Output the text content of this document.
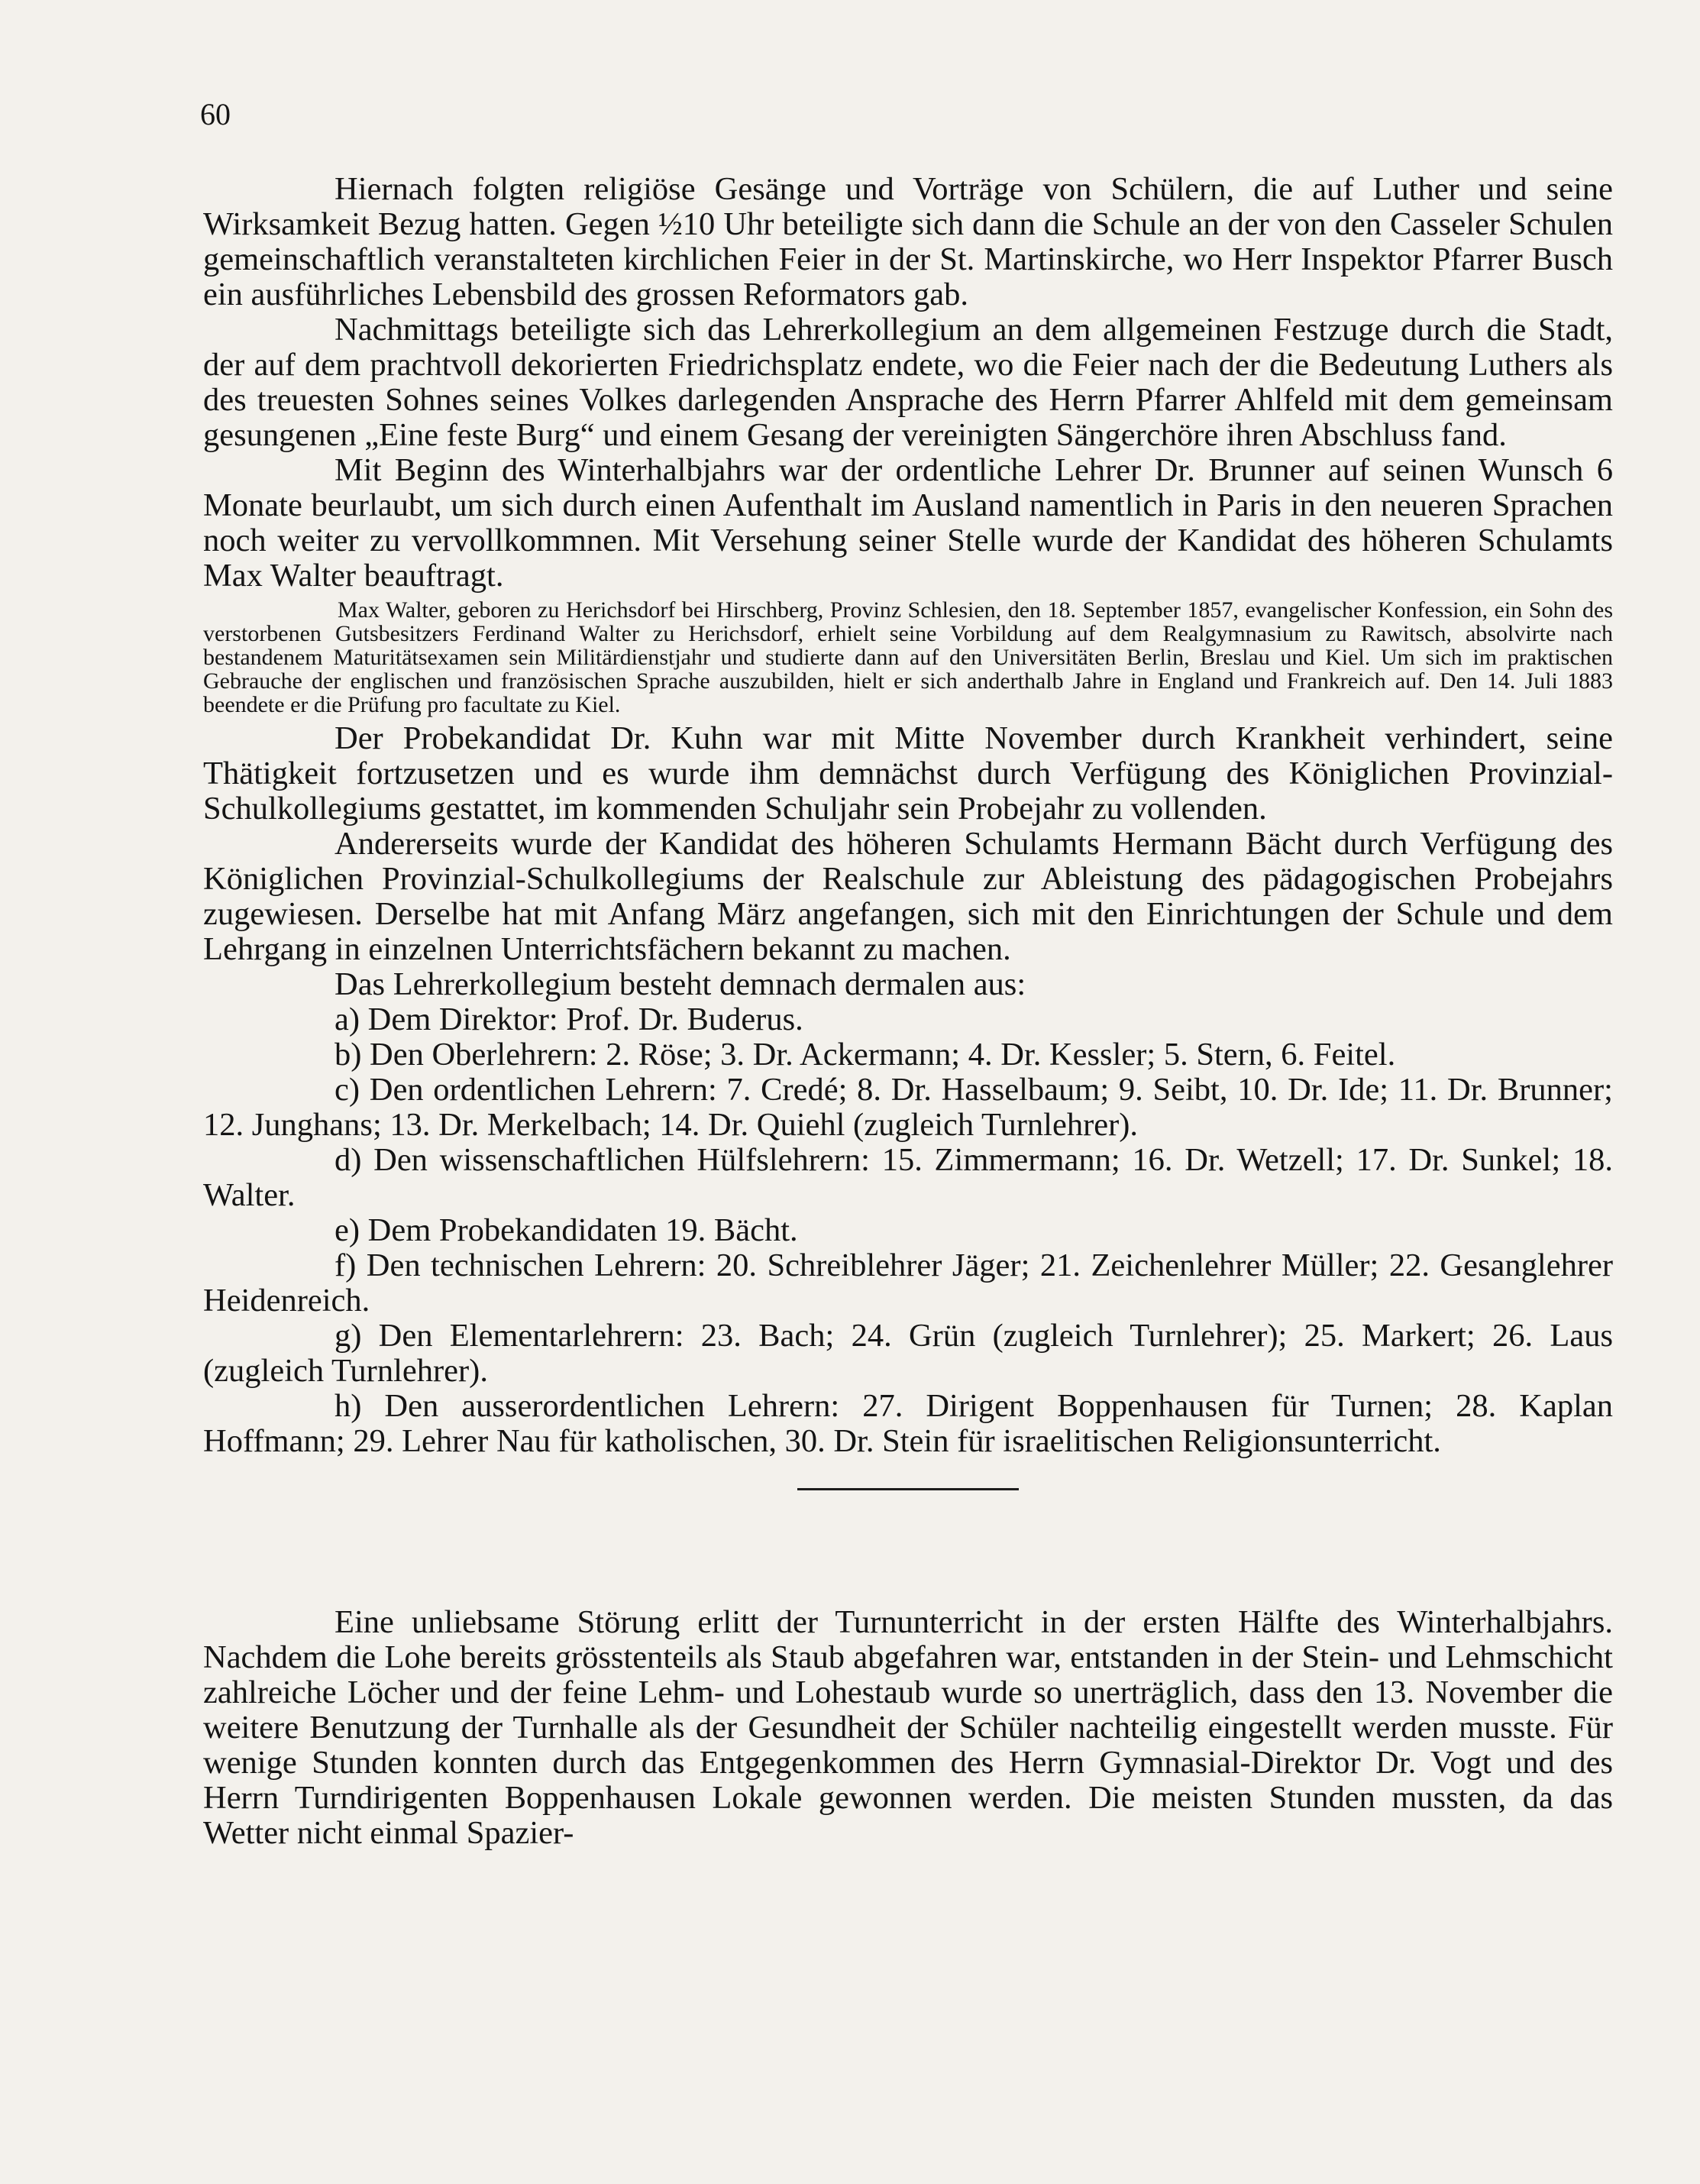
60

Hiernach folgten religiöse Gesänge und Vorträge von Schülern, die auf Luther und seine Wirksamkeit Bezug hatten. Gegen ½10 Uhr beteiligte sich dann die Schule an der von den Casseler Schulen gemeinschaftlich veranstalteten kirchlichen Feier in der St. Martinskirche, wo Herr Inspektor Pfarrer Busch ein ausführliches Lebensbild des grossen Reformators gab.

Nachmittags beteiligte sich das Lehrerkollegium an dem allgemeinen Festzuge durch die Stadt, der auf dem prachtvoll dekorierten Friedrichsplatz endete, wo die Feier nach der die Bedeutung Luthers als des treuesten Sohnes seines Volkes darlegenden Ansprache des Herrn Pfarrer Ahlfeld mit dem gemeinsam gesungenen „Eine feste Burg“ und einem Gesang der vereinigten Sängerchöre ihren Abschluss fand.

Mit Beginn des Winterhalbjahrs war der ordentliche Lehrer Dr. Brunner auf seinen Wunsch 6 Monate beurlaubt, um sich durch einen Aufenthalt im Ausland namentlich in Paris in den neueren Sprachen noch weiter zu vervollkommnen. Mit Versehung seiner Stelle wurde der Kandidat des höheren Schulamts Max Walter beauftragt.

Max Walter, geboren zu Herichsdorf bei Hirschberg, Provinz Schlesien, den 18. September 1857, evangelischer Konfession, ein Sohn des verstorbenen Gutsbesitzers Ferdinand Walter zu Herichsdorf, erhielt seine Vorbildung auf dem Realgymnasium zu Rawitsch, absolvirte nach bestandenem Maturitätsexamen sein Militärdienstjahr und studierte dann auf den Universitäten Berlin, Breslau und Kiel. Um sich im praktischen Gebrauche der englischen und französischen Sprache auszubilden, hielt er sich anderthalb Jahre in England und Frankreich auf. Den 14. Juli 1883 beendete er die Prüfung pro facultate zu Kiel.

Der Probekandidat Dr. Kuhn war mit Mitte November durch Krankheit verhindert, seine Thätigkeit fortzusetzen und es wurde ihm demnächst durch Verfügung des Königlichen Provinzial-Schulkollegiums gestattet, im kommenden Schuljahr sein Probejahr zu vollenden.

Andererseits wurde der Kandidat des höheren Schulamts Hermann Bächt durch Verfügung des Königlichen Provinzial-Schulkollegiums der Realschule zur Ableistung des pädagogischen Probejahrs zugewiesen. Derselbe hat mit Anfang März angefangen, sich mit den Einrichtungen der Schule und dem Lehrgang in einzelnen Unterrichtsfächern bekannt zu machen.

Das Lehrerkollegium besteht demnach dermalen aus:

a) Dem Direktor: Prof. Dr. Buderus.

b) Den Oberlehrern: 2. Röse; 3. Dr. Ackermann; 4. Dr. Kessler; 5. Stern, 6. Feitel.

c) Den ordentlichen Lehrern: 7. Credé; 8. Dr. Hasselbaum; 9. Seibt, 10. Dr. Ide; 11. Dr. Brunner; 12. Junghans; 13. Dr. Merkelbach; 14. Dr. Quiehl (zugleich Turnlehrer).

d) Den wissenschaftlichen Hülfslehrern: 15. Zimmermann; 16. Dr. Wetzell; 17. Dr. Sunkel; 18. Walter.

e) Dem Probekandidaten 19. Bächt.

f) Den technischen Lehrern: 20. Schreiblehrer Jäger; 21. Zeichenlehrer Müller; 22. Gesanglehrer Heidenreich.

g) Den Elementarlehrern: 23. Bach; 24. Grün (zugleich Turnlehrer); 25. Markert; 26. Laus (zugleich Turnlehrer).

h) Den ausserordentlichen Lehrern: 27. Dirigent Boppenhausen für Turnen; 28. Kaplan Hoffmann; 29. Lehrer Nau für katholischen, 30. Dr. Stein für israelitischen Religionsunterricht.

Eine unliebsame Störung erlitt der Turnunterricht in der ersten Hälfte des Winterhalbjahrs. Nachdem die Lohe bereits grösstenteils als Staub abgefahren war, entstanden in der Stein- und Lehmschicht zahlreiche Löcher und der feine Lehm- und Lohestaub wurde so unerträglich, dass den 13. November die weitere Benutzung der Turnhalle als der Gesundheit der Schüler nachteilig eingestellt werden musste. Für wenige Stunden konnten durch das Entgegenkommen des Herrn Gymnasial-Direktor Dr. Vogt und des Herrn Turndirigenten Boppenhausen Lokale gewonnen werden. Die meisten Stunden mussten, da das Wetter nicht einmal Spazier-
